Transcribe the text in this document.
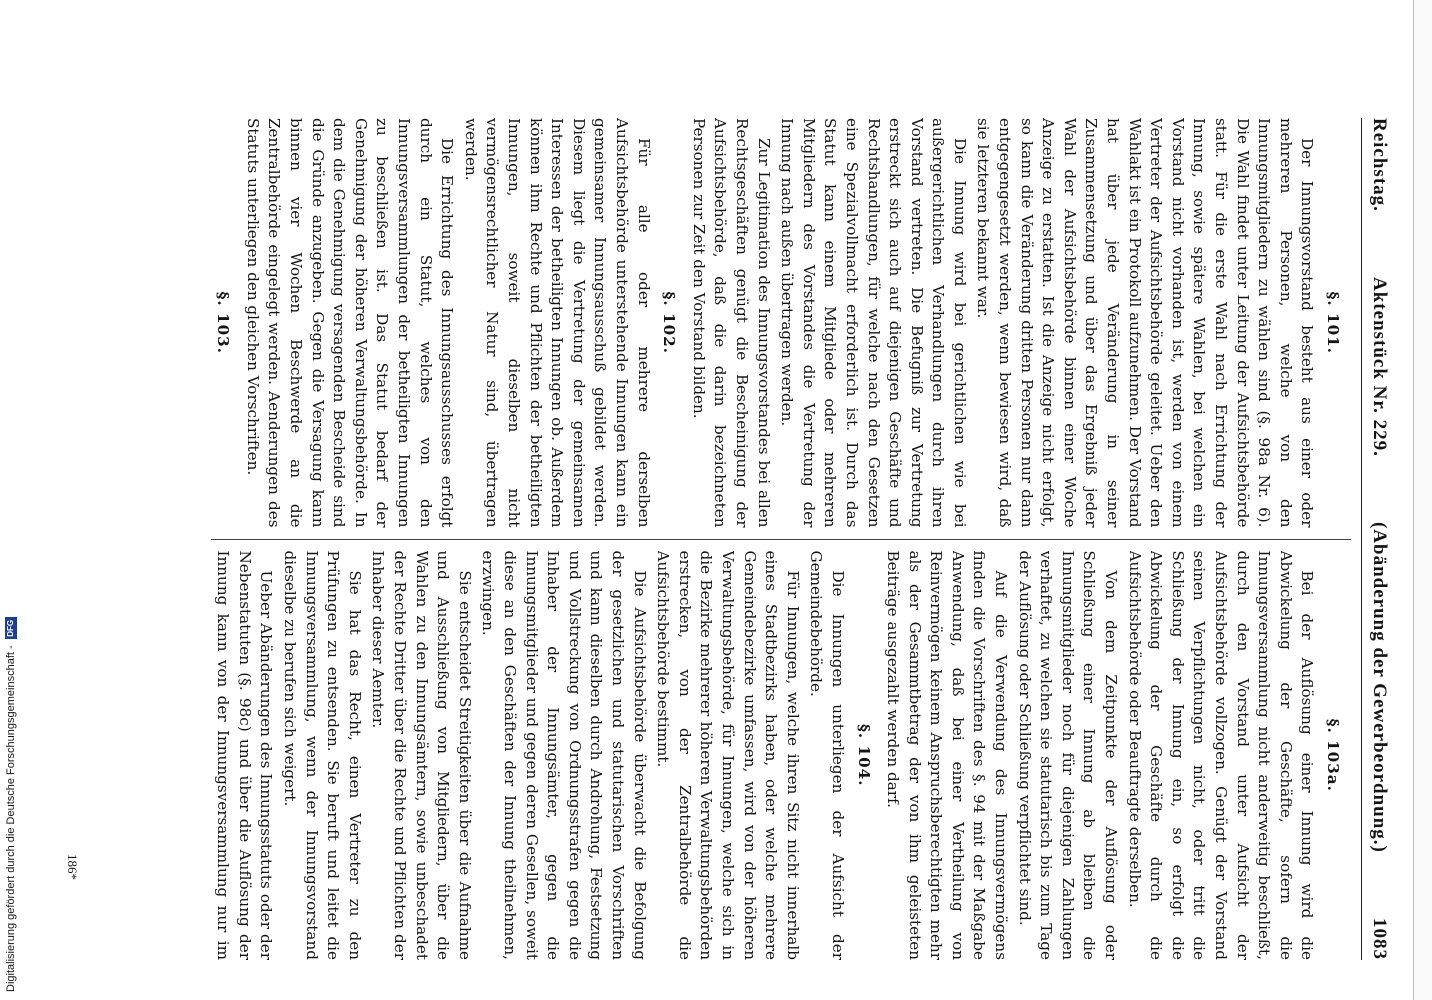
Reichstag.
Aktenstück Nr. 229.
(Abänderung der Gewerbeordnung.)
1083
§. 101.

Der Innungsvorstand besteht aus einer oder mehreren Personen, welche von den Innungsmitgliedern zu wählen sind (§. 98a Nr. 6). Die Wahl findet unter Leitung der Aufsichtsbehörde statt. Für die erste Wahl nach Errichtung der Innung, sowie spätere Wahlen, bei welchen ein Vorstand nicht vorhanden ist, werden von einem Vertreter der Aufsichtsbehörde geleitet. Ueber den Wahlakt ist ein Protokoll aufzunehmen. Der Vorstand hat über jede Veränderung in seiner Zusammensetzung und über das Ergebniß jeder Wahl der Aufsichtsbehörde binnen einer Woche Anzeige zu erstatten. Ist die Anzeige nicht erfolgt, so kann die Veränderung dritten Personen nur dann entgegengesetzt werden, wenn bewiesen wird, daß sie letzteren bekannt war.

Die Innung wird bei gerichtlichen wie bei außergerichtlichen Verhandlungen durch ihren Vorstand vertreten. Die Befugniß zur Vertretung erstreckt sich auch auf diejenigen Geschäfte und Rechtshandlungen, für welche nach den Gesetzen eine Spezialvollmacht erforderlich ist. Durch das Statut kann einem Mitgliede oder mehreren Mitgliedern des Vorstandes die Vertretung der Innung nach außen übertragen werden.

Zur Legitimation des Innungsvorstandes bei allen Rechtsgeschäften genügt die Bescheinigung der Aufsichtsbehörde, daß die darin bezeichneten Personen zur Zeit den Vorstand bilden.

§. 102.

Für alle oder mehrere derselben Aufsichtsbehörde unterstehende Innungen kann ein gemeinsamer Innungsausschuß gebildet werden. Diesem liegt die Vertretung der gemeinsamen Interessen der betheiligten Innungen ob. Außerdem können ihm Rechte und Pflichten der betheiligten Innungen, soweit dieselben nicht vermögensrechtlicher Natur sind, übertragen werden.

Die Errichtung des Innungsausschusses erfolgt durch ein Statut, welches von den Innungsversammlungen der betheiligten Innungen zu beschließen ist. Das Statut bedarf der Genehmigung der höheren Verwaltungsbehörde. In dem die Genehmigung versagenden Bescheide sind die Gründe anzugeben. Gegen die Versagung kann binnen vier Wochen Beschwerde an die Zentralbehörde eingelegt werden. Aenderungen des Statuts unterliegen den gleichen Vorschriften.

§. 103.

§. 103a.

Bei der Auflösung einer Innung wird die Abwickelung der Geschäfte, sofern die Innungsversammlung nicht anderweitig beschließt, durch den Vorstand unter Aufsicht der Aufsichtsbehörde vollzogen. Genügt der Vorstand seinen Verpflichtungen nicht, oder tritt die Schließung der Innung ein, so erfolgt die Abwickelung der Geschäfte durch die Aufsichtsbehörde oder Beauftragte derselben.

Von dem Zeitpunkte der Auflösung oder Schließung einer Innung ab bleiben die Innungsmitglieder noch für diejenigen Zahlungen verhaftet, zu welchen sie statutarisch bis zum Tage der Auflösung oder Schließung verpflichtet sind.

Auf die Verwendung des Innungsvermögens finden die Vorschriften des §. 94 mit der Maßgabe Anwendung, daß bei einer Vertheilung von Reinvermögen keinem Anspruchsberechtigten mehr als der Gesammtbetrag der von ihm geleisteten Beiträge ausgezahlt werden darf.

§. 104.

Die Innungen unterliegen der Aufsicht der Gemeindebehörde.

Für Innungen, welche ihren Sitz nicht innerhalb eines Stadtbezirks haben, oder welche mehrere Gemeindebezirke umfassen, wird von der höheren Verwaltungsbehörde, für Innungen, welche sich in die Bezirke mehrerer höheren Verwaltungsbehörden erstrecken, von der Zentralbehörde die Aufsichtsbehörde bestimmt.

Die Aufsichtsbehörde überwacht die Befolgung der gesetzlichen und statutarischen Vorschriften und kann dieselben durch Androhung, Festsetzung und Vollstreckung von Ordnungsstrafen gegen die Inhaber der Innungsämter, gegen die Innungsmitglieder und gegen deren Gesellen, soweit diese an den Geschäften der Innung theilnehmen, erzwingen.

Sie entscheidet Streitigkeiten über die Aufnahme und Ausschließung von Mitgliedern, über die Wahlen zu den Innungsämtern, sowie unbeschadet der Rechte Dritter über die Rechte und Pflichten der Inhaber dieser Aemter.

Sie hat das Recht, einen Vertreter zu den Prüfungen zu entsenden. Sie beruft und leitet die Innungsversammlung, wenn der Innungsvorstand dieselbe zu berufen sich weigert.

Ueber Abänderungen des Innungsstatuts oder der Nebenstatuten (§. 98c) und über die Auflösung der Innung kann von der Innungsversammlung nur im

186*
Digitalisierung gefördert durch die Deutsche Forschungsgemeinschaft -
DFG
